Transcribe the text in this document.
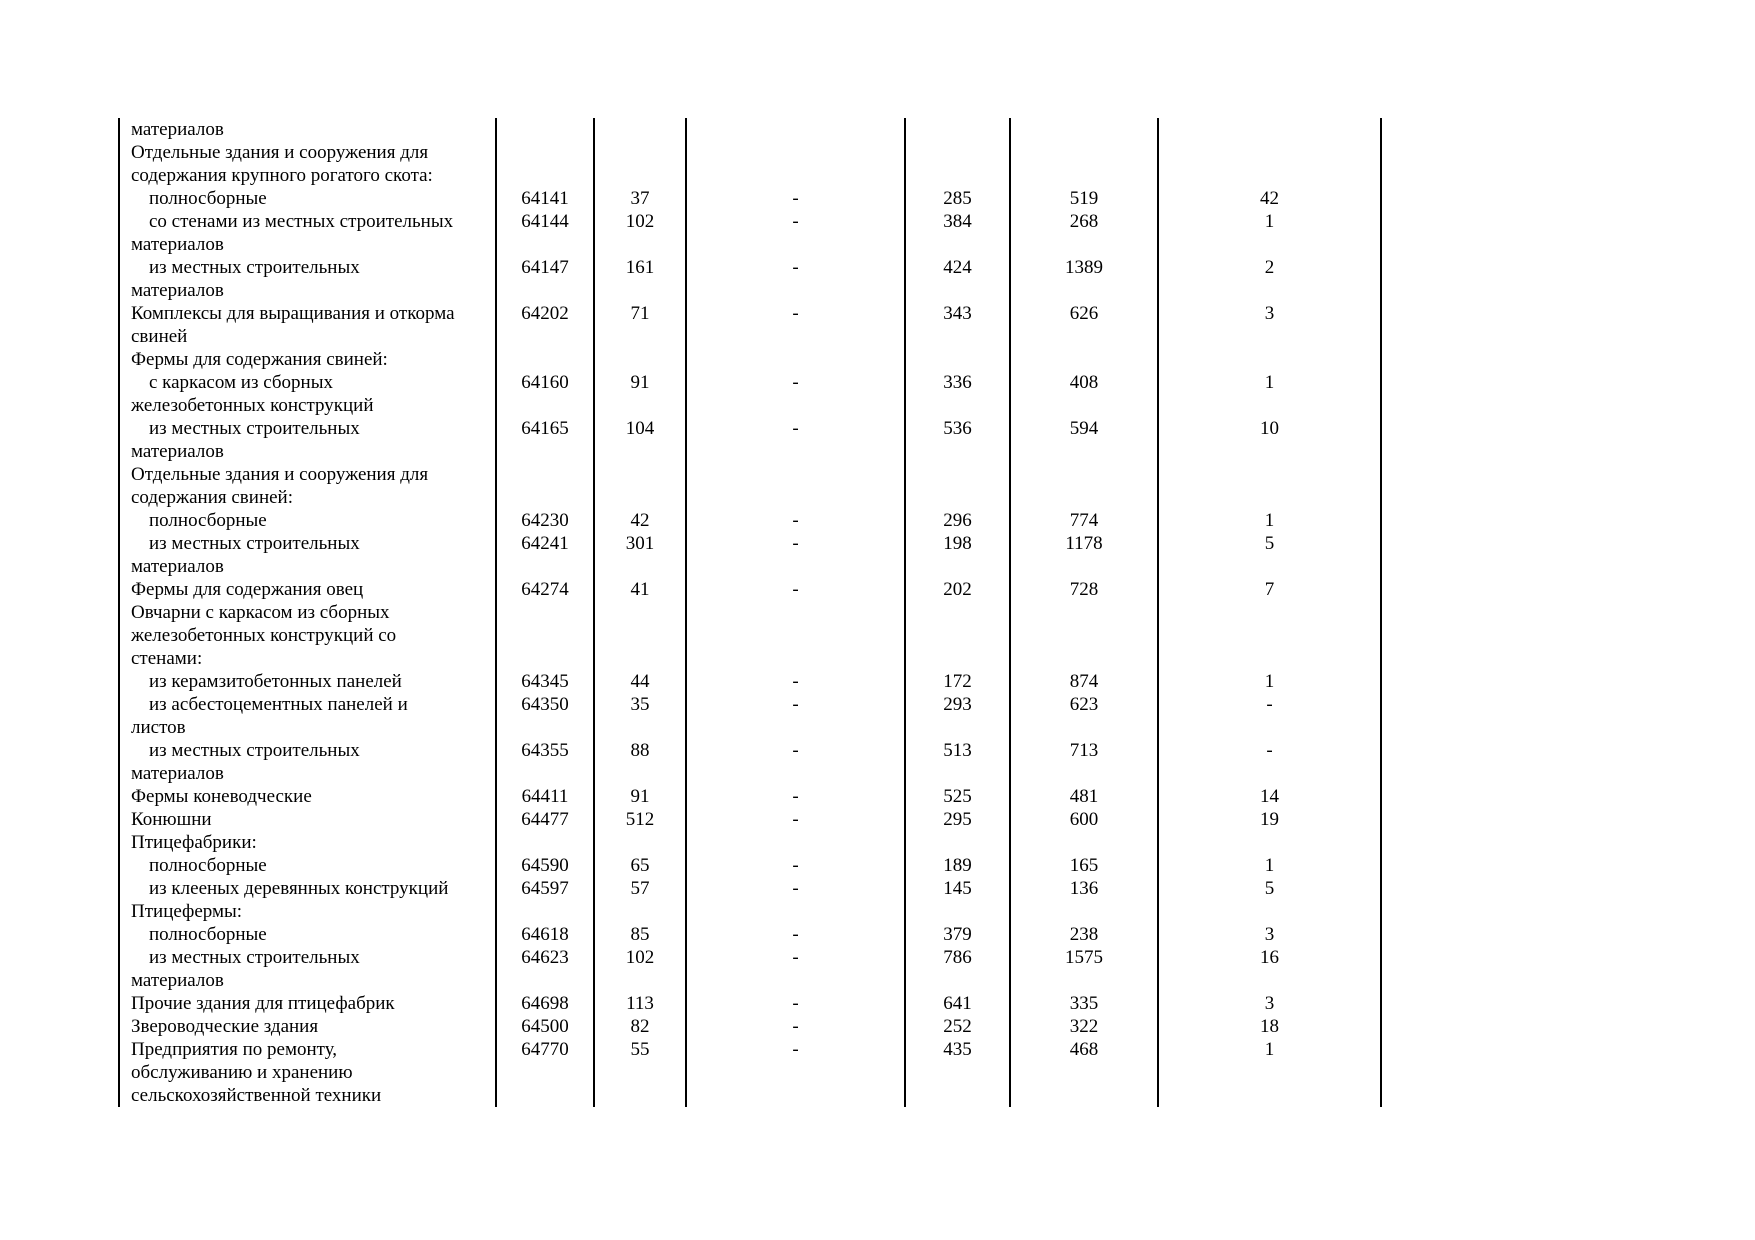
материалов						

Отдельные здания и сооружения для
содержания крупного рогатого скота:						

полносборные	64141	37	-	285	519	42

со стенами из местных строительных
материалов	64144	102	-	384	268	1

из местных строительных
материалов	64147	161	-	424	1389	2

Комплексы для выращивания и откорма
свиней	64202	71	-	343	626	3

Фермы для содержания свиней:						

с каркасом из сборных
железобетонных конструкций	64160	91	-	336	408	1

из местных строительных
материалов	64165	104	-	536	594	10

Отдельные здания и сооружения для
содержания свиней:						

полносборные	64230	42	-	296	774	1

из местных строительных
материалов	64241	301	-	198	1178	5

Фермы для содержания овец	64274	41	-	202	728	7

Овчарни с каркасом из сборных
железобетонных конструкций со
стенами:						

из керамзитобетонных панелей	64345	44	-	172	874	1

из асбестоцементных панелей и
листов	64350	35	-	293	623	-

из местных строительных
материалов	64355	88	-	513	713	-

Фермы коневодческие	64411	91	-	525	481	14

Конюшни	64477	512	-	295	600	19

Птицефабрики:						

полносборные	64590	65	-	189	165	1

из клееных деревянных конструкций	64597	57	-	145	136	5

Птицефермы:						

полносборные	64618	85	-	379	238	3

из местных строительных
материалов	64623	102	-	786	1575	16

Прочие здания для птицефабрик	64698	113	-	641	335	3

Звероводческие здания	64500	82	-	252	322	18

Предприятия по ремонту,
обслуживанию и хранению
сельскохозяйственной техники	64770	55	-	435	468	1
